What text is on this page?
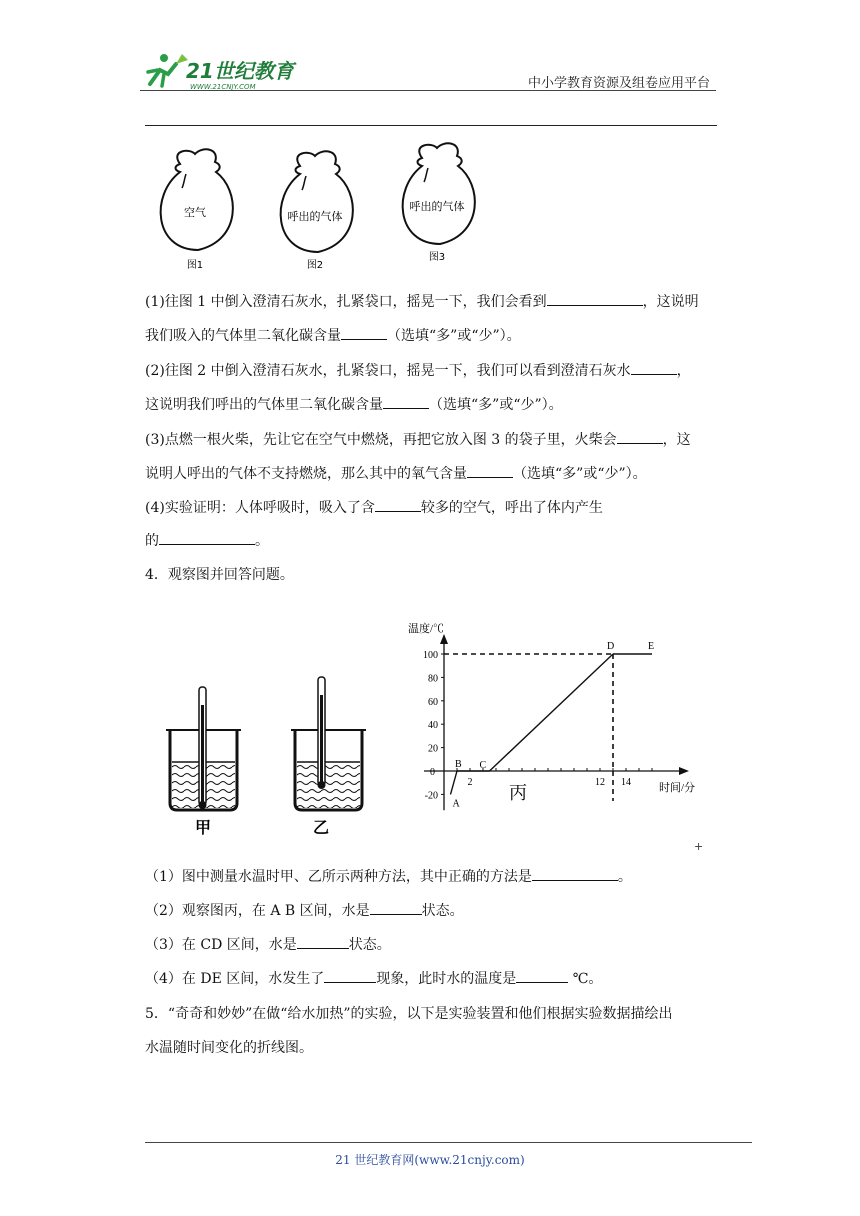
21世纪教育
WWW.21CNJY.COM	中小学教育资源及组卷应用平台
空气
图1
呼出的气体
图2
呼出的气体
图3
(1)往图 1 中倒入澄清石灰水，扎紧袋口，摇晃一下，我们会看到	，这说明
我们吸入的气体里二氧化碳含量	（选填“多”或“少”）。
(2)往图 2 中倒入澄清石灰水，扎紧袋口，摇晃一下，我们可以看到澄清石灰水	，
这说明我们呼出的气体里二氧化碳含量	（选填“多”或“少”）。
(3)点燃一根火柴，先让它在空气中燃烧，再把它放入图 3 的袋子里，火柴会	，这
说明人呼出的气体不支持燃烧，那么其中的氧气含量	（选填“多”或“少”）。
(4)实验证明：人体呼吸时，吸入了含	较多的空气，呼出了体内产生
的	。
4．观察图并回答问题。
甲	乙
温度/℃
时间/分
-20
20
40
60
80
100
0
2	12 14
A
B C
D	E
丙
+
（1）图中测量水温时甲、乙所示两种方法，其中正确的方法是	。
（2）观察图丙，在 A B 区间，水是	状态。
（3）在 CD 区间，水是	状态。
（4）在 DE 区间，水发生了	现象，此时水的温度是	℃。
5．“奇奇和妙妙”在做“给水加热”的实验，以下是实验装置和他们根据实验数据描绘出
水温随时间变化的折线图。
21 世纪教育网(www.21cnjy.com)
